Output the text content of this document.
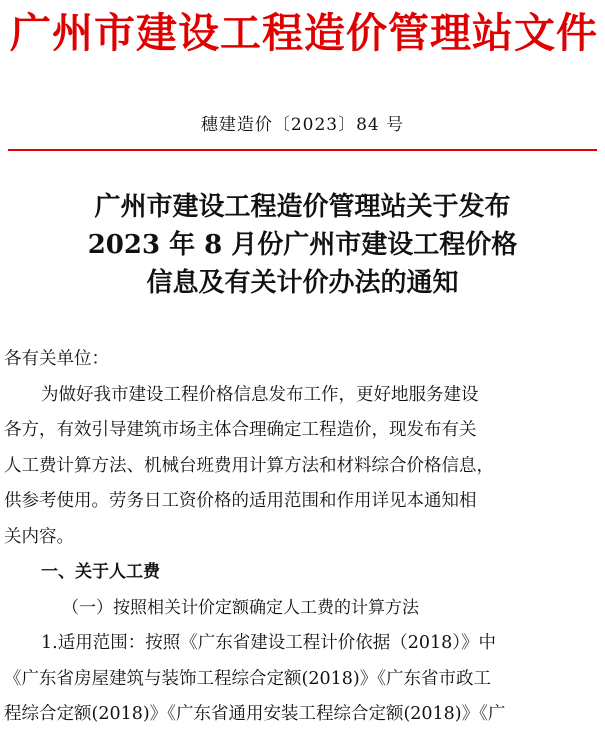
广州市建设工程造价管理站文件
穗建造价〔2023〕84 号
广州市建设工程造价管理站关于发布
2023 年 8 月份广州市建设工程价格
信息及有关计价办法的通知
各有关单位：
为做好我市建设工程价格信息发布工作，更好地服务建设
各方，有效引导建筑市场主体合理确定工程造价，现发布有关
人工费计算方法、机械台班费用计算方法和材料综合价格信息，
供参考使用。劳务日工资价格的适用范围和作用详见本通知相
关内容。
一、关于人工费
（一）按照相关计价定额确定人工费的计算方法
1.适用范围：按照《广东省建设工程计价依据（2018）》中
《广东省房屋建筑与装饰工程综合定额(2018)》《广东省市政工
程综合定额(2018)》《广东省通用安装工程综合定额(2018)》《广
